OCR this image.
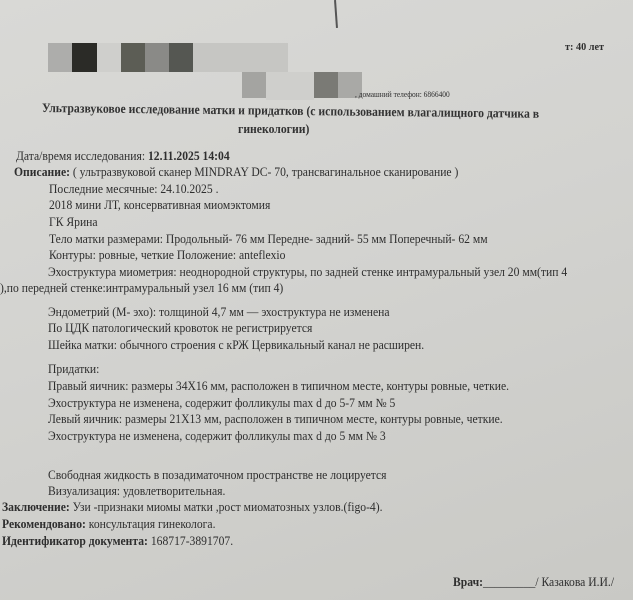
т: 40 лет
, домашний телефон: 6866400
Ультразвуковое исследование матки и придатков (с использованием влагалищного датчика в
гинекологии)
Дата/время исследования: 12.11.2025 14:04
Описание: ( ультразвуковой сканер MINDRAY DC- 70, трансвагинальное сканирование )
Последние месячные: 24.10.2025 .
2018 мини ЛТ, консервативная миомэктомия
ГК Ярина
Тело матки размерами: Продольный- 76 мм Передне- задний- 55 мм Поперечный- 62 мм
Контуры: ровные, четкие Положение: anteflexio
Эхоструктура миометрия: неоднородной структуры, по задней стенке интрамуральный узел 20 мм(тип 4
),по передней стенке:интрамуральный узел 16 мм (тип 4)
Эндометрий (М- эхо): толщиной 4,7 мм — эхоструктура не изменена
По ЦДК патологический кровоток не регистрируется
Шейка матки: обычного строения с кРЖ Цервикальный канал не расширен.
Придатки:
Правый яичник: размеры 34X16 мм, расположен в типичном месте, контуры ровные, четкие.
Эхоструктура не изменена, содержит фолликулы max d до 5-7 мм № 5
Левый яичник: размеры 21X13 мм, расположен в типичном месте, контуры ровные, четкие.
Эхоструктура не изменена, содержит фолликулы max d до 5 мм № 3
Свободная жидкость в позадиматочном пространстве не лоцируется
Визуализация: удовлетворительная.
Заключение: Узи -признаки миомы матки ,рост миоматозных узлов.(figo-4).
Рекомендовано: консультация гинеколога.
Идентификатор документа: 168717-3891707.
Врач:_________/ Казакова И.И./
